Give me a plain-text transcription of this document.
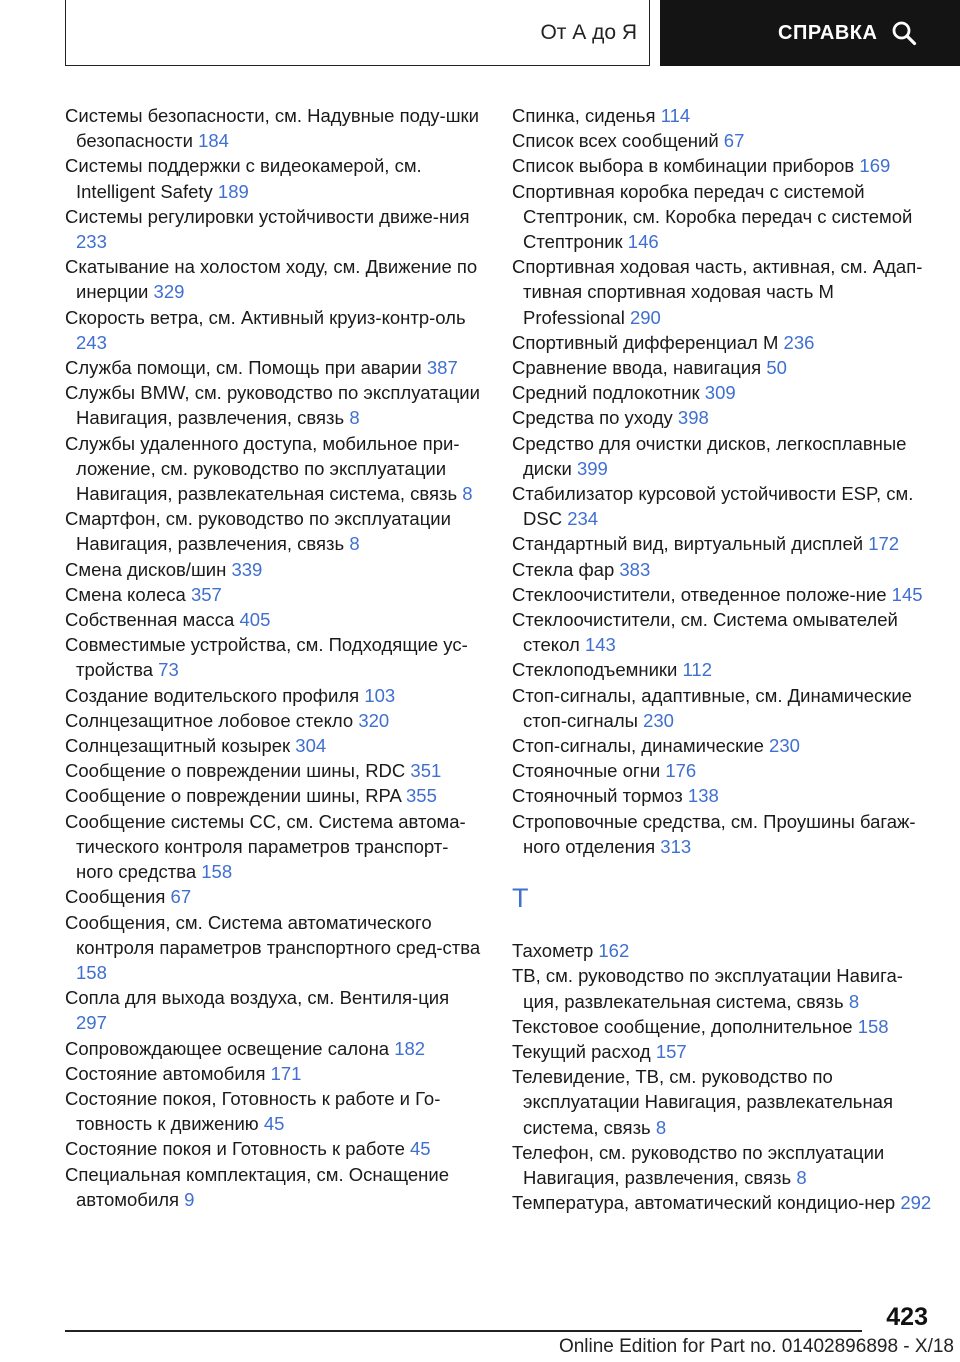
От А до Я	СПРАВКА
Системы безопасности, см. Надувные поду-шки безопасности 184
Системы поддержки с видеокамерой, см. Intelligent Safety 189
Системы регулировки устойчивости движе-ния 233
Скатывание на холостом ходу, см. Движение по инерции 329
Скорость ветра, см. Активный круиз-контр-оль 243
Служба помощи, см. Помощь при аварии 387
Службы BMW, см. руководство по эксплуатации Навигация, развлечения, связь 8
Службы удаленного доступа, мобильное при-ложение, см. руководство по эксплуатации Навигация, развлекательная система, связь 8
Смартфон, см. руководство по эксплуатации Навигация, развлечения, связь 8
Смена дисков/шин 339
Смена колеса 357
Собственная масса 405
Совместимые устройства, см. Подходящие ус-тройства 73
Создание водительского профиля 103
Солнцезащитное лобовое стекло 320
Солнцезащитный козырек 304
Сообщение о повреждении шины, RDC 351
Сообщение о повреждении шины, RPA 355
Сообщение системы СС, см. Система автома-тического контроля параметров транспорт-ного средства 158
Сообщения 67
Сообщения, см. Система автоматического контроля параметров транспортного сред-ства 158
Сопла для выхода воздуха, см. Вентиля-ция 297
Сопровождающее освещение салона 182
Состояние автомобиля 171
Состояние покоя, Готовность к работе и Го-товность к движению 45
Состояние покоя и Готовность к работе 45
Специальная комплектация, см. Оснащение автомобиля 9
Спинка, сиденья 114
Список всех сообщений 67
Список выбора в комбинации приборов 169
Спортивная коробка передач с системой Стептроник, см. Коробка передач с системой Стептроник 146
Спортивная ходовая часть, активная, см. Адап-тивная спортивная ходовая часть M Professional 290
Спортивный дифференциал M 236
Сравнение ввода, навигация 50
Средний подлокотник 309
Средства по уходу 398
Средство для очистки дисков, легкосплавные диски 399
Стабилизатор курсовой устойчивости ESP, см. DSC 234
Стандартный вид, виртуальный дисплей 172
Стекла фар 383
Стеклоочистители, отведенное положе-ние 145
Стеклоочистители, см. Система омывателей стекол 143
Стеклоподъемники 112
Стоп-сигналы, адаптивные, см. Динамические стоп-сигналы 230
Стоп-сигналы, динамические 230
Стояночные огни 176
Стояночный тормоз 138
Строповочные средства, см. Проушины багаж-ного отделения 313
Т
Тахометр 162
ТВ, см. руководство по эксплуатации Навига-ция, развлекательная система, связь 8
Текстовое сообщение, дополнительное 158
Текущий расход 157
Телевидение, ТВ, см. руководство по эксплуатации Навигация, развлекательная система, связь 8
Телефон, см. руководство по эксплуатации Навигация, развлечения, связь 8
Температура, автоматический кондицио-нер 292
423
Online Edition for Part no. 01402896898 - X/18
